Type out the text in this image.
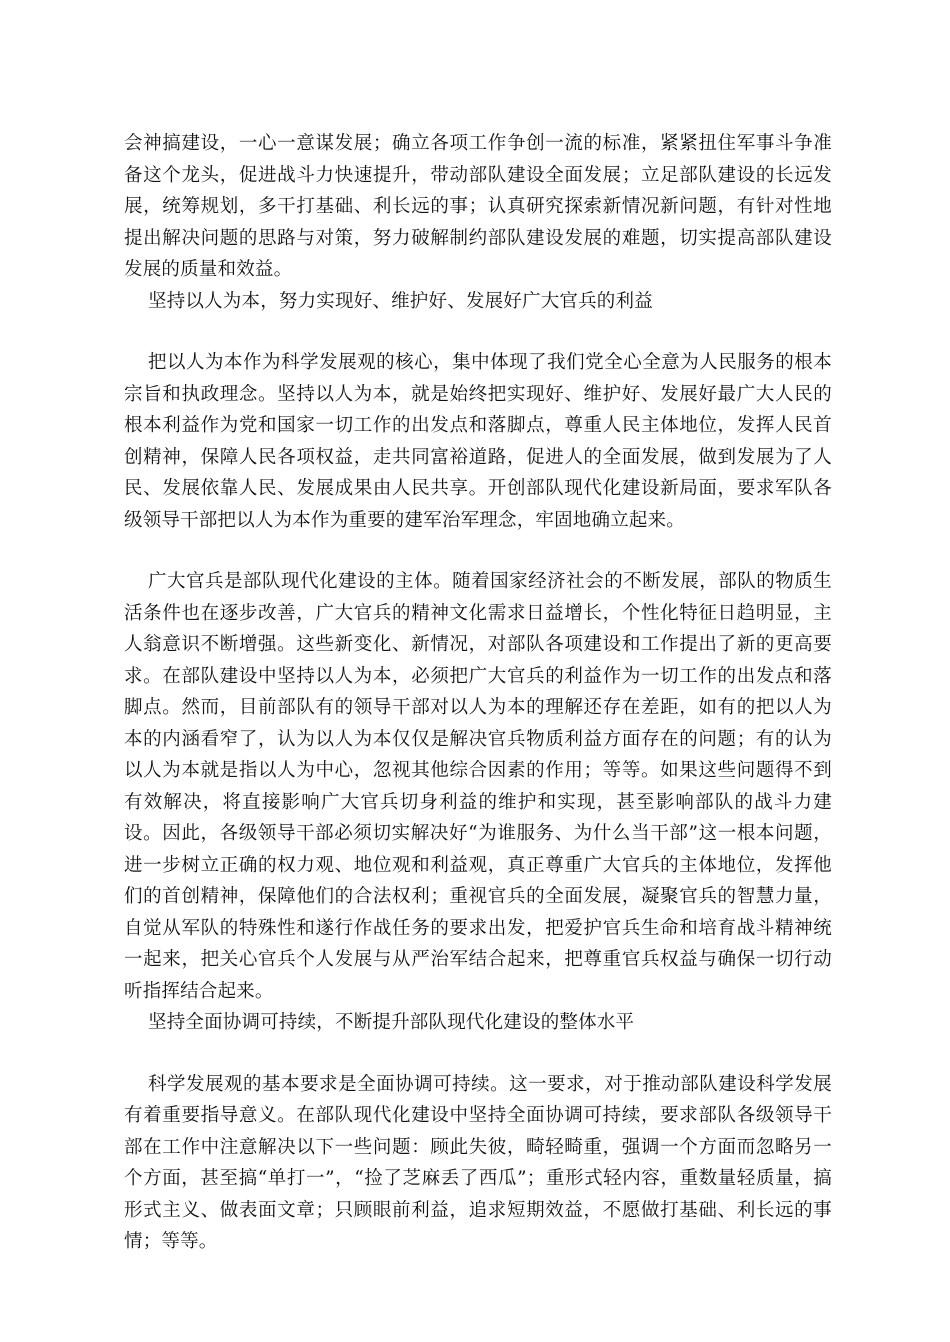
会神搞建设，一心一意谋发展；确立各项工作争创一流的标准，紧紧扭住军事斗争准备这个龙头，促进战斗力快速提升，带动部队建设全面发展；立足部队建设的长远发展，统筹规划，多干打基础、利长远的事；认真研究探索新情况新问题，有针对性地提出解决问题的思路与对策，努力破解制约部队建设发展的难题，切实提高部队建设发展的质量和效益。

坚持以人为本，努力实现好、维护好、发展好广大官兵的利益

把以人为本作为科学发展观的核心，集中体现了我们党全心全意为人民服务的根本宗旨和执政理念。坚持以人为本，就是始终把实现好、维护好、发展好最广大人民的根本利益作为党和国家一切工作的出发点和落脚点，尊重人民主体地位，发挥人民首创精神，保障人民各项权益，走共同富裕道路，促进人的全面发展，做到发展为了人民、发展依靠人民、发展成果由人民共享。开创部队现代化建设新局面，要求军队各级领导干部把以人为本作为重要的建军治军理念，牢固地确立起来。

广大官兵是部队现代化建设的主体。随着国家经济社会的不断发展，部队的物质生活条件也在逐步改善，广大官兵的精神文化需求日益增长，个性化特征日趋明显，主人翁意识不断增强。这些新变化、新情况，对部队各项建设和工作提出了新的更高要求。在部队建设中坚持以人为本，必须把广大官兵的利益作为一切工作的出发点和落脚点。然而，目前部队有的领导干部对以人为本的理解还存在差距，如有的把以人为本的内涵看窄了，认为以人为本仅仅是解决官兵物质利益方面存在的问题；有的认为以人为本就是指以人为中心，忽视其他综合因素的作用；等等。如果这些问题得不到有效解决，将直接影响广大官兵切身利益的维护和实现，甚至影响部队的战斗力建设。因此，各级领导干部必须切实解决好“为谁服务、为什么当干部”这一根本问题，进一步树立正确的权力观、地位观和利益观，真正尊重广大官兵的主体地位，发挥他们的首创精神，保障他们的合法权利；重视官兵的全面发展，凝聚官兵的智慧力量，自觉从军队的特殊性和遂行作战任务的要求出发，把爱护官兵生命和培育战斗精神统一起来，把关心官兵个人发展与从严治军结合起来，把尊重官兵权益与确保一切行动听指挥结合起来。

坚持全面协调可持续，不断提升部队现代化建设的整体水平

科学发展观的基本要求是全面协调可持续。这一要求，对于推动部队建设科学发展有着重要指导意义。在部队现代化建设中坚持全面协调可持续，要求部队各级领导干部在工作中注意解决以下一些问题：顾此失彼，畸轻畸重，强调一个方面而忽略另一个方面，甚至搞“单打一”，“捡了芝麻丢了西瓜”；重形式轻内容，重数量轻质量，搞形式主义、做表面文章；只顾眼前利益，追求短期效益，不愿做打基础、利长远的事情；等等。
